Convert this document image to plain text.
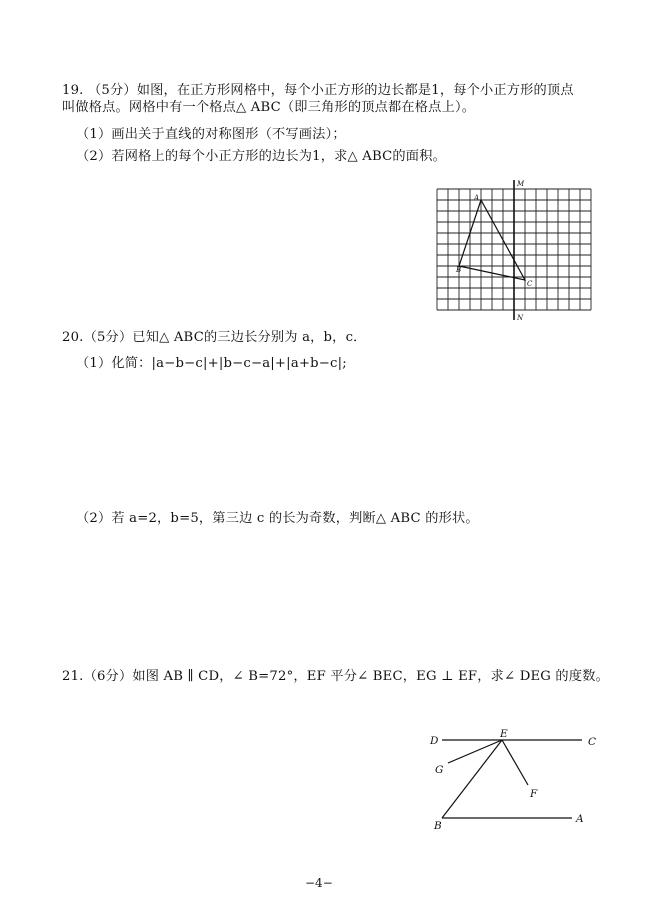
19. （5分）如图，在正方形网格中，每个小正方形的边长都是1，每个小正方形的顶点
叫做格点。网格中有一个格点△ ABC（即三角形的顶点都在格点上）。
（1）画出关于直线的对称图形（不写画法）；
（2）若网格上的每个小正方形的边长为1，求△ ABC的面积。
M
N
A
B
C
20.（5分）已知△ ABC的三边长分别为 a，b，c．
（1）化简：|a−b−c|+|b−c−a|+|a+b−c|;
（2）若 a=2，b=5，第三边 c 的长为奇数，判断△ ABC 的形状。
21.（6分）如图 AB ∥ CD，∠ B=72°，EF 平分∠ BEC，EG ⊥ EF，求∠ DEG 的度数。
D
E
C
G
F
B
A
−4−
